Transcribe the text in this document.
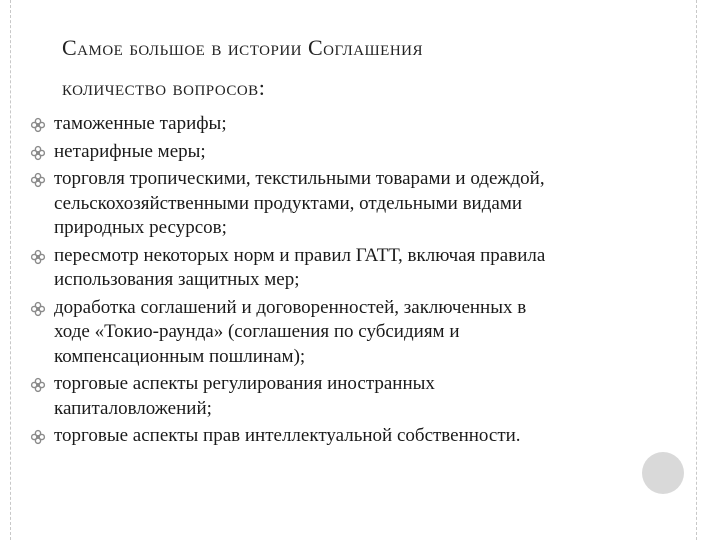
Самое большое в истории Соглашения
количество вопросов:
таможенные тарифы;
нетарифные меры;
торговля тропическими, текстильными товарами и одеждой,
сельскохозяйственными продуктами, отдельными видами
природных ресурсов;
пересмотр некоторых норм и правил ГАТТ, включая правила
использования защитных мер;
доработка соглашений и договоренностей, заключенных в
ходе «Токио-раунда» (соглашения по субсидиям и
компенсационным пошлинам);
торговые аспекты регулирования иностранных
капиталовложений;
торговые аспекты прав интеллектуальной собственности.
